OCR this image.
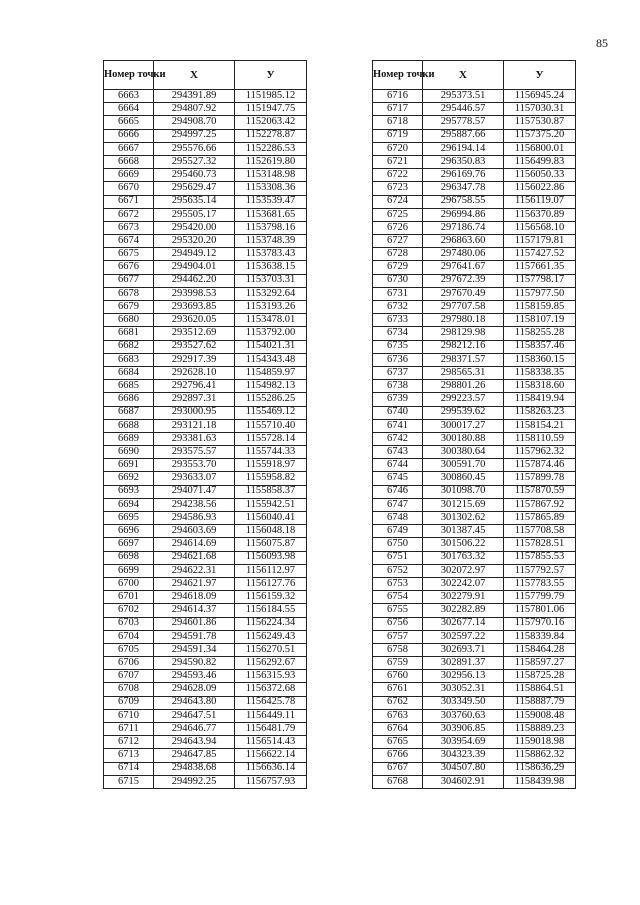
85
Номер точки	X	У
6663	294391.89	1151985.12
6664	294807.92	1151947.75
6665	294908.70	1152063.42
6666	294997.25	1152278.87
6667	295576.66	1152286.53
6668	295527.32	1152619.80
6669	295460.73	1153148.98
6670	295629.47	1153308.36
6671	295635.14	1153539.47
6672	295505.17	1153681.65
6673	295420.00	1153798.16
6674	295320.20	1153748.39
6675	294949.12	1153783.43
6676	294904.01	1153638.15
6677	294462.20	1153703.31
6678	293998.53	1153292.64
6679	293693.85	1153193.26
6680	293620.05	1153478.01
6681	293512.69	1153792.00
6682	293527.62	1154021.31
6683	292917.39	1154343.48
6684	292628.10	1154859.97
6685	292796.41	1154982.13
6686	292897.31	1155286.25
6687	293000.95	1155469.12
6688	293121.18	1155710.40
6689	293381.63	1155728.14
6690	293575.57	1155744.33
6691	293553.70	1155918.97
6692	293633.07	1155958.82
6693	294071.47	1155858.37
6694	294238.56	1155942.51
6695	294586.93	1156040.41
6696	294603.69	1156048.18
6697	294614.69	1156075.87
6698	294621.68	1156093.98
6699	294622.31	1156112.97
6700	294621.97	1156127.76
6701	294618.09	1156159.32
6702	294614.37	1156184.55
6703	294601.86	1156224.34
6704	294591.78	1156249.43
6705	294591.34	1156270.51
6706	294590.82	1156292.67
6707	294593.46	1156315.93
6708	294628.09	1156372.68
6709	294643.80	1156425.78
6710	294647.51	1156449.11
6711	294646.77	1156481.79
6712	294643.94	1156514.43
6713	294647.85	1156622.14
6714	294838.68	1156636.14
6715	294992.25	1156757.93
Номер точки	X	У
6716	295373.51	1156945.24
6717	295446.57	1157030.31
6718	295778.57	1157530.87
6719	295887.66	1157375.20
6720	296194.14	1156800.01
6721	296350.83	1156499.83
6722	296169.76	1156050.33
6723	296347.78	1156022.86
6724	296758.55	1156119.07
6725	296994.86	1156370.89
6726	297186.74	1156568.10
6727	296863.60	1157179.81
6728	297480.06	1157427.52
6729	297641.67	1157661.35
6730	297672.39	1157798.17
6731	297670.49	1157977.50
6732	297707.58	1158159.85
6733	297980.18	1158107.19
6734	298129.98	1158255.28
6735	298212.16	1158357.46
6736	298371.57	1158360.15
6737	298565.31	1158338.35
6738	298801.26	1158318.60
6739	299223.57	1158419.94
6740	299539.62	1158263.23
6741	300017.27	1158154.21
6742	300180.88	1158110.59
6743	300380.64	1157962.32
6744	300591.70	1157874.46
6745	300860.45	1157899.78
6746	301098.70	1157870.59
6747	301215.69	1157867.92
6748	301302.62	1157865.89
6749	301387.45	1157708.58
6750	301506.22	1157828.51
6751	301763.32	1157855.53
6752	302072.97	1157792.57
6753	302242.07	1157783.55
6754	302279.91	1157799.79
6755	302282.89	1157801.06
6756	302677.14	1157970.16
6757	302597.22	1158339.84
6758	302693.71	1158464.28
6759	302891.37	1158597.27
6760	302956.13	1158725.28
6761	303052.31	1158864.51
6762	303349.50	1158887.79
6763	303760.63	1159008.48
6764	303906.85	1158889.23
6765	303954.69	1159018.98
6766	304323.39	1158862.32
6767	304507.80	1158636.29
6768	304602.91	1158439.98
